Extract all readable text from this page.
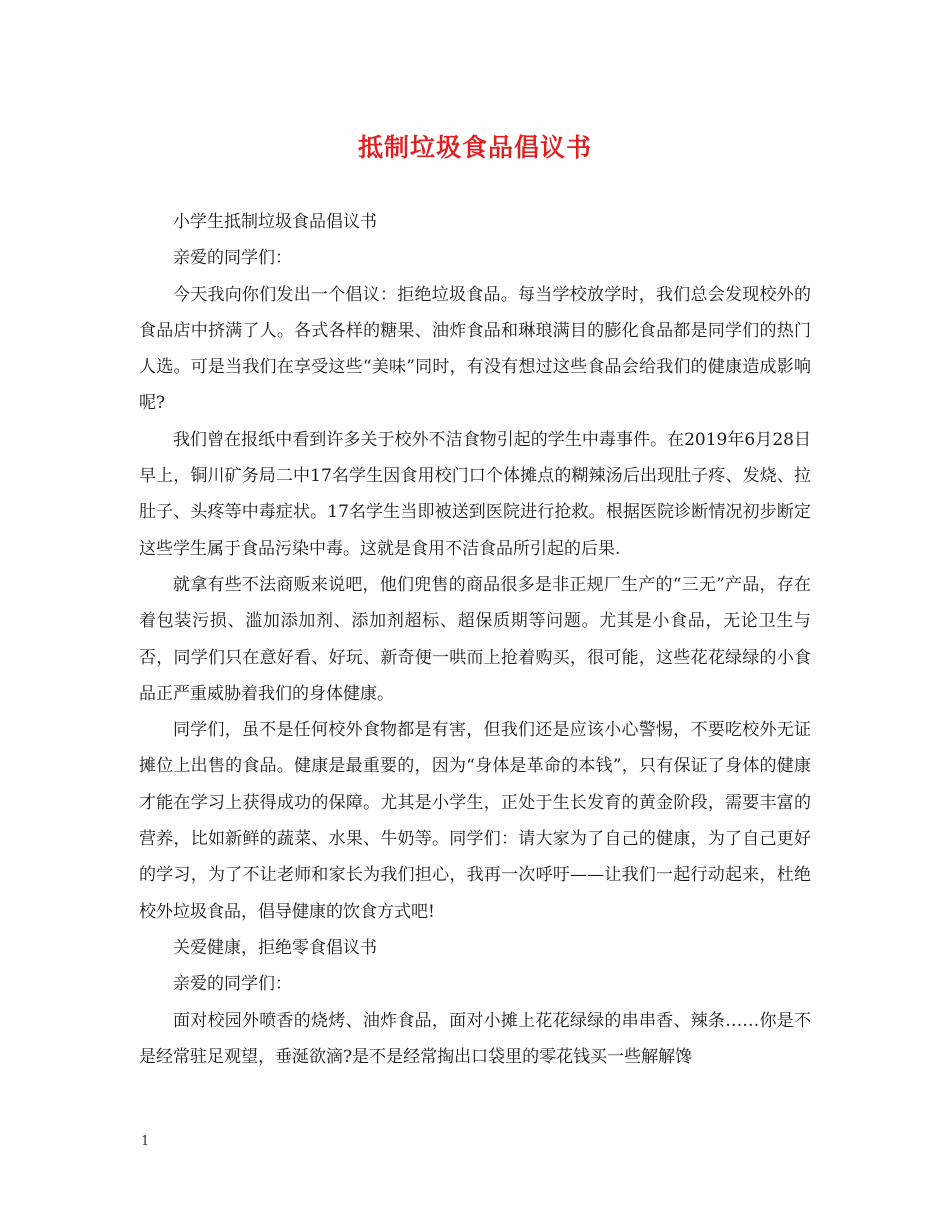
抵制垃圾食品倡议书

小学生抵制垃圾食品倡议书

亲爱的同学们：

今天我向你们发出一个倡议：拒绝垃圾食品。每当学校放学时，我们总会发现校外的食品店中挤满了人。各式各样的糖果、油炸食品和琳琅满目的膨化食品都是同学们的热门人选。可是当我们在享受这些“美味”同时，有没有想过这些食品会给我们的健康造成影响呢?

我们曾在报纸中看到许多关于校外不洁食物引起的学生中毒事件。在2019年6月28日早上，铜川矿务局二中17名学生因食用校门口个体摊点的糊辣汤后出现肚子疼、发烧、拉肚子、头疼等中毒症状。17名学生当即被送到医院进行抢救。根据医院诊断情况初步断定这些学生属于食品污染中毒。这就是食用不洁食品所引起的后果.

就拿有些不法商贩来说吧，他们兜售的商品很多是非正规厂生产的“三无”产品，存在着包装污损、滥加添加剂、添加剂超标、超保质期等问题。尤其是小食品，无论卫生与否，同学们只在意好看、好玩、新奇便一哄而上抢着购买，很可能，这些花花绿绿的小食品正严重威胁着我们的身体健康。

同学们，虽不是任何校外食物都是有害，但我们还是应该小心警惕，不要吃校外无证摊位上出售的食品。健康是最重要的，因为“身体是革命的本钱”，只有保证了身体的健康才能在学习上获得成功的保障。尤其是小学生，正处于生长发育的黄金阶段，需要丰富的营养，比如新鲜的蔬菜、水果、牛奶等。同学们：请大家为了自己的健康，为了自己更好的学习，为了不让老师和家长为我们担心，我再一次呼吁——让我们一起行动起来，杜绝校外垃圾食品，倡导健康的饮食方式吧!

关爱健康，拒绝零食倡议书

亲爱的同学们：

面对校园外喷香的烧烤、油炸食品，面对小摊上花花绿绿的串串香、辣条……你是不是经常驻足观望，垂涎欲滴?是不是经常掏出口袋里的零花钱买一些解解馋

1
